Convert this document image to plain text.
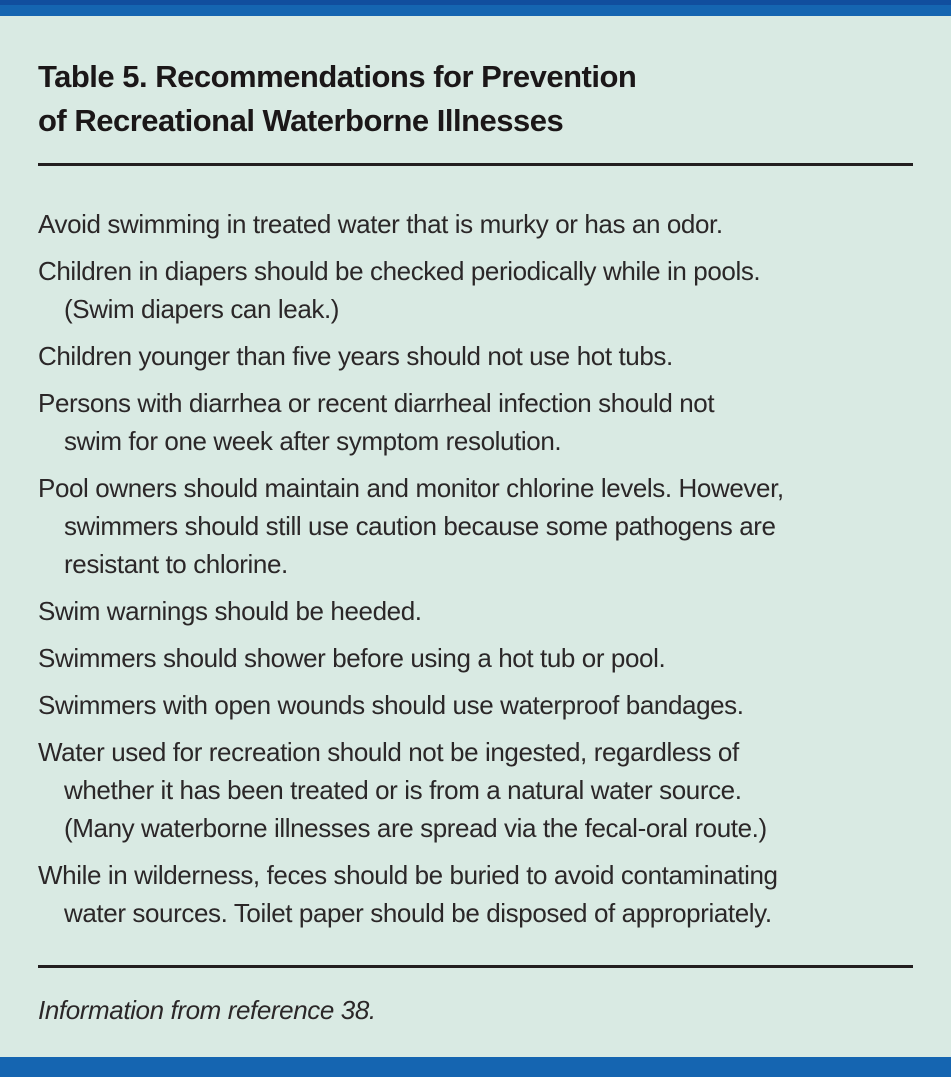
Table 5. Recommendations for Prevention
of Recreational Waterborne Illnesses
Avoid swimming in treated water that is murky or has an odor.
Children in diapers should be checked periodically while in pools.
(Swim diapers can leak.)
Children younger than five years should not use hot tubs.
Persons with diarrhea or recent diarrheal infection should not
swim for one week after symptom resolution.
Pool owners should maintain and monitor chlorine levels. However,
swimmers should still use caution because some pathogens are
resistant to chlorine.
Swim warnings should be heeded.
Swimmers should shower before using a hot tub or pool.
Swimmers with open wounds should use waterproof bandages.
Water used for recreation should not be ingested, regardless of
whether it has been treated or is from a natural water source.
(Many waterborne illnesses are spread via the fecal-oral route.)
While in wilderness, feces should be buried to avoid contaminating
water sources. Toilet paper should be disposed of appropriately.
Information from reference 38.
